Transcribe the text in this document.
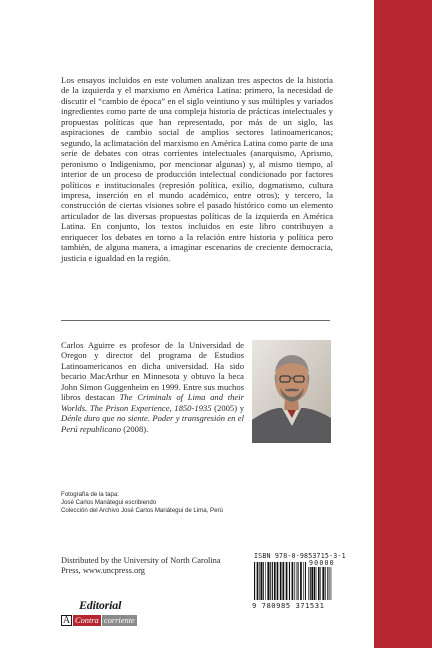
Los ensayos incluidos en este volumen analizan tres aspectos de la historia de la izquierda y el marxismo en América Latina: primero, la necesidad de discutir el “cambio de época” en el siglo veintiuno y sus múltiples y variados ingredientes como parte de una compleja historia de prácticas intelectuales y propuestas políticas que han representado, por más de un siglo, las aspiraciones de cambio social de amplios sectores latinoamericanos; segundo, la aclimatación del marxismo en América Latina como parte de una serie de debates con otras corrientes intelectuales (anarquismo, Aprismo, peronismo o Indigenismo, por mencionar algunas) y, al mismo tiempo, al interior de un proceso de producción intelectual condicionado por factores políticos e institucionales (represión política, exilio, dogmatismo, cultura impresa, inserción en el mundo académico, entre otros); y tercero, la construcción de ciertas visiones sobre el pasado histórico como un elemento articulador de las diversas propuestas políticas de la izquierda en América Latina. En conjunto, los textos incluidos en este libro contribuyen a enriquecer los debates en torno a la relación entre historia y política pero también, de alguna manera, a imaginar escenarios de creciente democracia, justicia e igualdad en la región.

Carlos Aguirre es profesor de la Universidad de Oregon y director del programa de Estudios Latinoamericanos en dicha universidad. Ha sido becario MacArthur en Minnesota y obtuvo la beca John Simon Guggenheim en 1999. Entre sus muchos libros destacan The Criminals of Lima and their Worlds. The Prison Experience, 1850-1935 (2005) y Dénle duro que no siente. Poder y transgresión en el Perú republicano (2008).

Fotografía de la tapa:
José Carlos Mariátegui escribiendo
Colección del Archivo José Carlos Mariátegui de Lima, Perú

Distributed by the University of North Carolina Press, www.uncpress.org

Editorial
A Contra corriente
ISBN 978-0-9853715-3-1
90000
9 780985 371531
